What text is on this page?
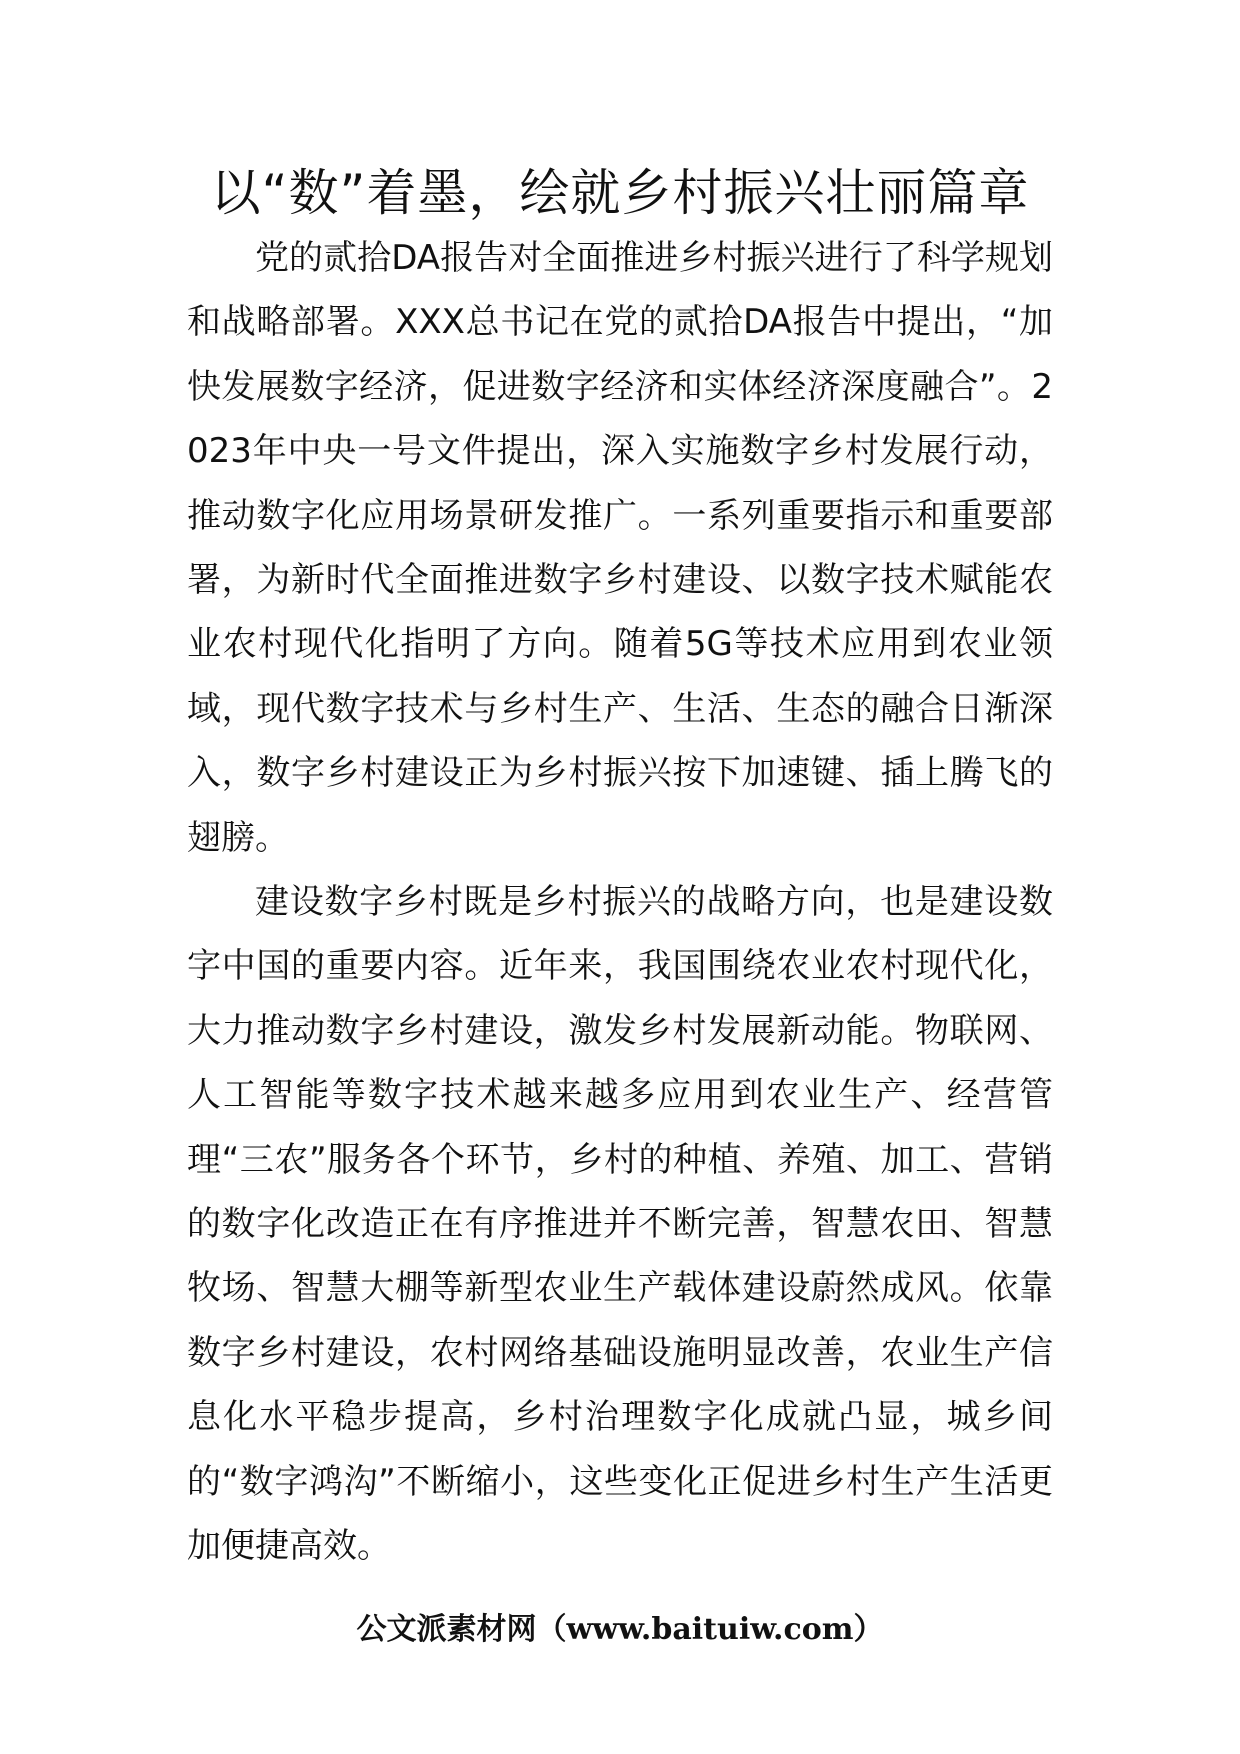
以“数”着墨，绘就乡村振兴壮丽篇章

党的贰拾DA报告对全面推进乡村振兴进行了科学规划和战略部署。XXX总书记在党的贰拾DA报告中提出，“加快发展数字经济，促进数字经济和实体经济深度融合”。2023年中央一号文件提出，深入实施数字乡村发展行动，推动数字化应用场景研发推广。一系列重要指示和重要部署，为新时代全面推进数字乡村建设、以数字技术赋能农业农村现代化指明了方向。随着5G等技术应用到农业领域，现代数字技术与乡村生产、生活、生态的融合日渐深入，数字乡村建设正为乡村振兴按下加速键、插上腾飞的翅膀。

建设数字乡村既是乡村振兴的战略方向，也是建设数字中国的重要内容。近年来，我国围绕农业农村现代化，大力推动数字乡村建设，激发乡村发展新动能。物联网、人工智能等数字技术越来越多应用到农业生产、经营管理“三农”服务各个环节，乡村的种植、养殖、加工、营销的数字化改造正在有序推进并不断完善，智慧农田、智慧牧场、智慧大棚等新型农业生产载体建设蔚然成风。依靠数字乡村建设，农村网络基础设施明显改善，农业生产信息化水平稳步提高，乡村治理数字化成就凸显，城乡间的“数字鸿沟”不断缩小，这些变化正促进乡村生产生活更加便捷高效。

公文派素材网（www.baituiw.com）
